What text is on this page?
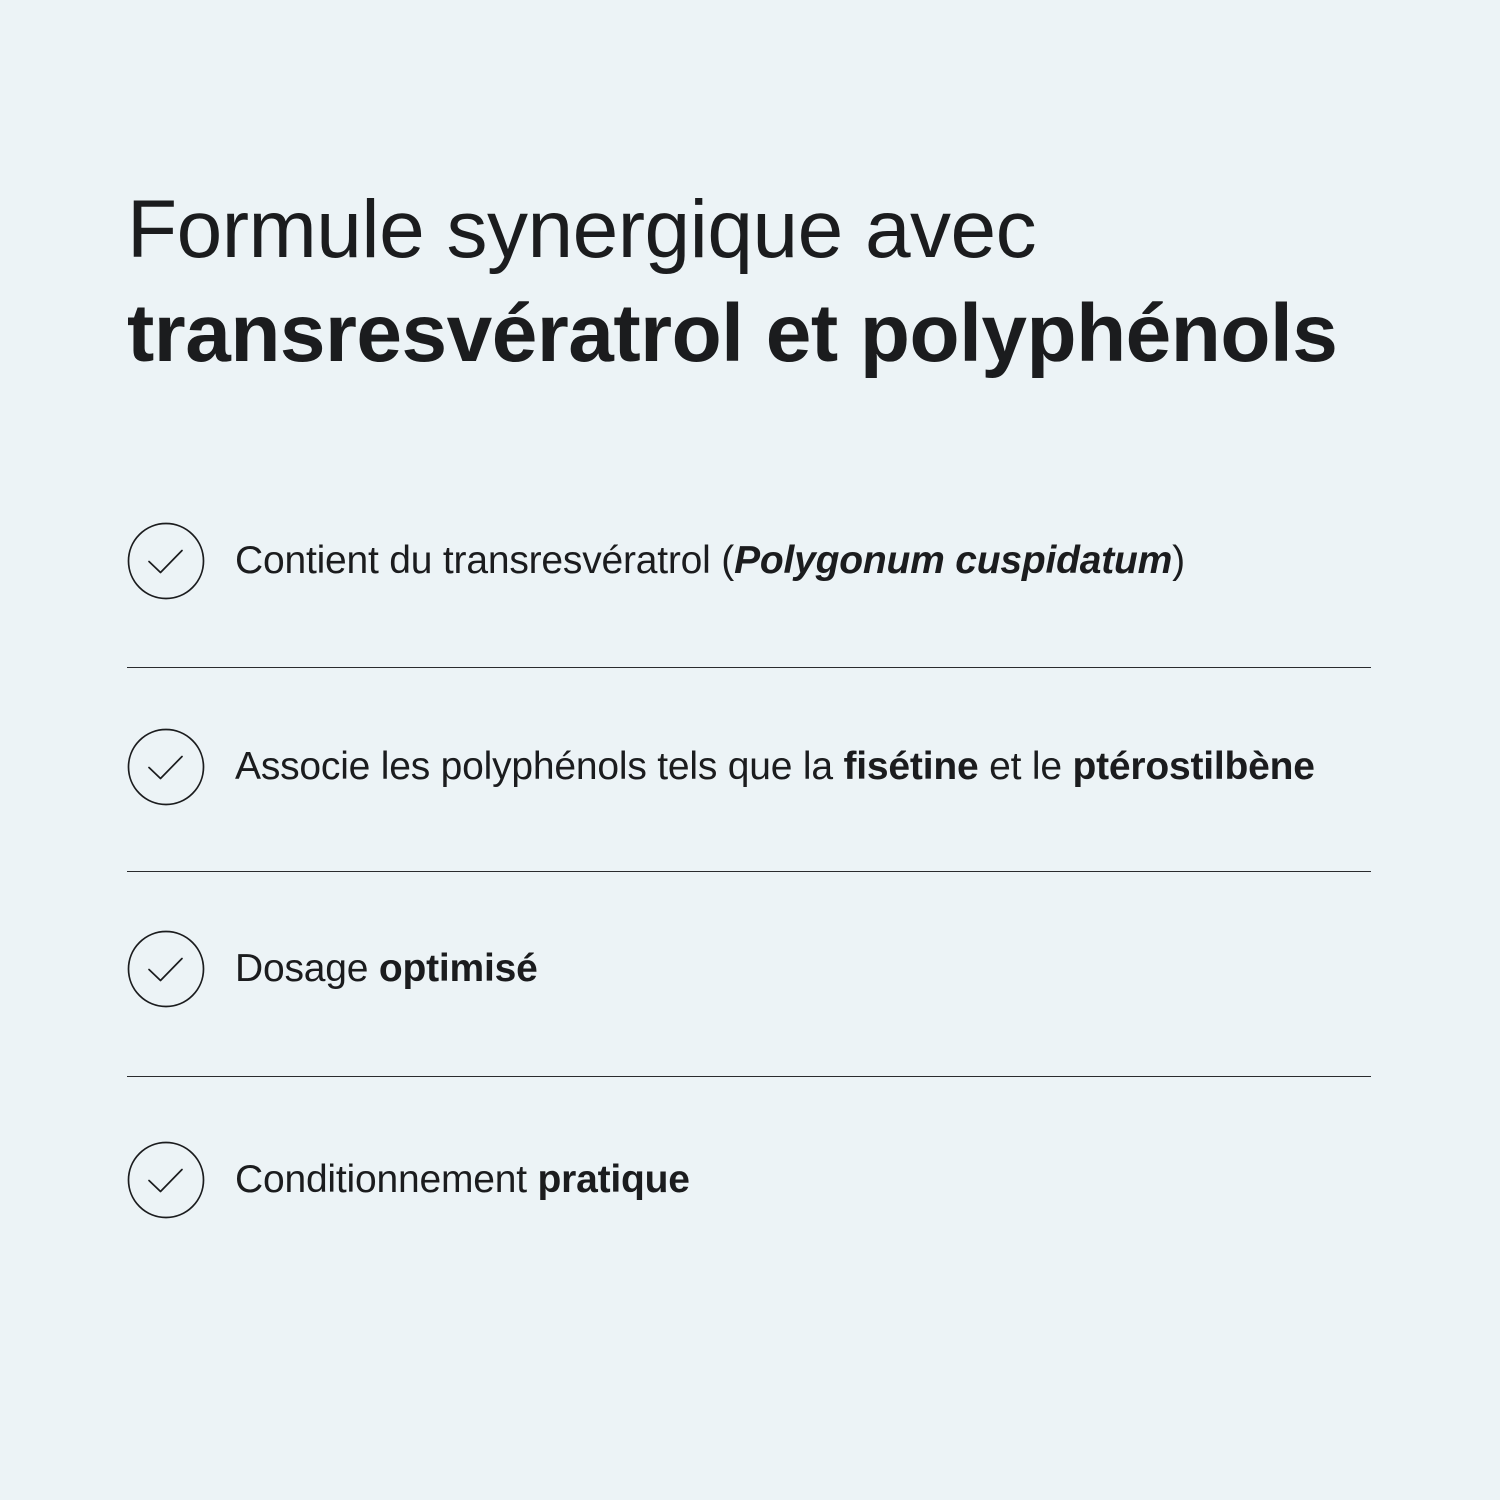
Formule synergique avec
transresvératrol et polyphénols
Contient du transresvératrol (Polygonum cuspidatum)
Associe les polyphénols tels que la fisétine et le ptérostilbène
Dosage optimisé
Conditionnement pratique
